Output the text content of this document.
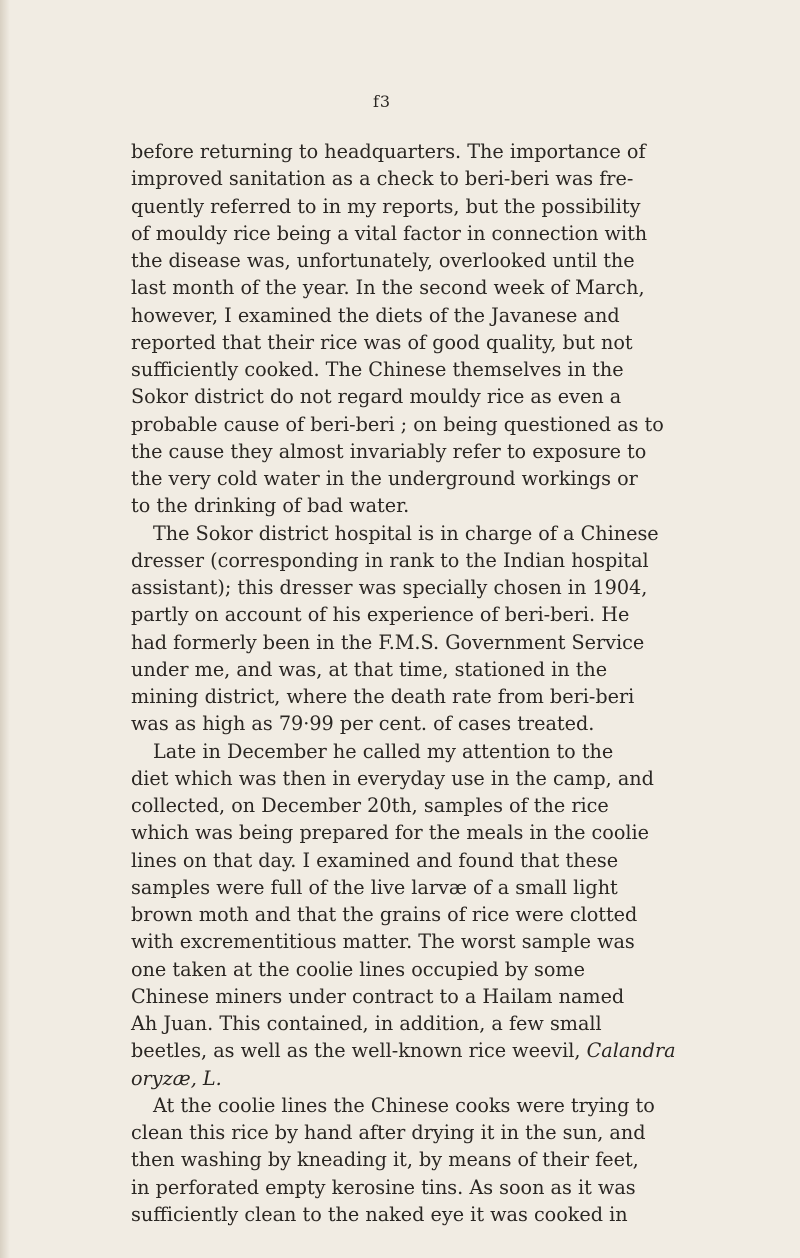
f3

before returning to headquarters. The importance of
improved sanitation as a check to beri-beri was fre-
quently referred to in my reports, but the possibility
of mouldy rice being a vital factor in connection with
the disease was, unfortunately, overlooked until the
last month of the year. In the second week of March,
however, I examined the diets of the Javanese and
reported that their rice was of good quality, but not
sufficiently cooked. The Chinese themselves in the
Sokor district do not regard mouldy rice as even a
probable cause of beri-beri ; on being questioned as to
the cause they almost invariably refer to exposure to
the very cold water in the underground workings or
to the drinking of bad water.

The Sokor district hospital is in charge of a Chinese
dresser (corresponding in rank to the Indian hospital
assistant); this dresser was specially chosen in 1904,
partly on account of his experience of beri-beri. He
had formerly been in the F.M.S. Government Service
under me, and was, at that time, stationed in the
mining district, where the death rate from beri-beri
was as high as 79·99 per cent. of cases treated.

Late in December he called my attention to the
diet which was then in everyday use in the camp, and
collected, on December 20th, samples of the rice
which was being prepared for the meals in the coolie
lines on that day. I examined and found that these
samples were full of the live larvæ of a small light
brown moth and that the grains of rice were clotted
with excrementitious matter. The worst sample was
one taken at the coolie lines occupied by some
Chinese miners under contract to a Hailam named
Ah Juan. This contained, in addition, a few small
beetles, as well as the well-known rice weevil, Calandra
oryzæ, L.

At the coolie lines the Chinese cooks were trying to
clean this rice by hand after drying it in the sun, and
then washing by kneading it, by means of their feet,
in perforated empty kerosine tins. As soon as it was
sufficiently clean to the naked eye it was cooked in
